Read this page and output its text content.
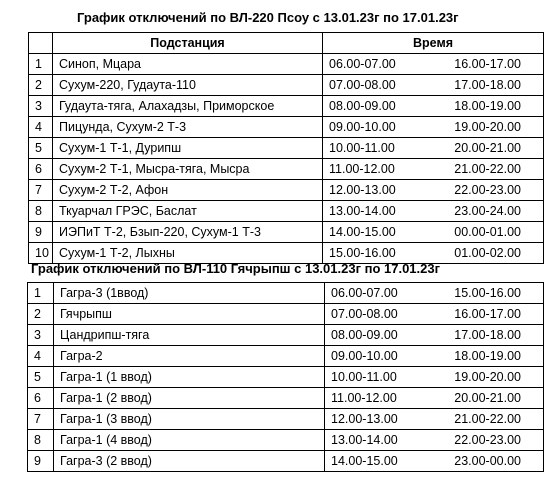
График отключений по ВЛ-220 Псоу с 13.01.23г по 17.01.23г
	Подстанция	Время
1	Синоп, Мцара	06.00-07.00 16.00-17.00

2	Сухум-220, Гудаута-110	07.00-08.00 17.00-18.00

3	Гудаута-тяга, Алахадзы, Приморское	08.00-09.00 18.00-19.00

4	Пицунда, Сухум-2 Т-3	09.00-10.00 19.00-20.00

5	Сухум-1 Т-1, Дурипш	10.00-11.00 20.00-21.00

6	Сухум-2 Т-1, Мысра-тяга, Мысра	11.00-12.00 21.00-22.00

7	Сухум-2 Т-2, Афон	12.00-13.00 22.00-23.00

8	Ткуарчал ГРЭС, Баслат	13.00-14.00 23.00-24.00

9	ИЭПиТ Т-2, Бзып-220, Сухум-1 Т-3	14.00-15.00 00.00-01.00

10	Сухум-1 Т-2, Лыхны	15.00-16.00 01.00-02.00
График отключений по ВЛ-110 Гячрыпш с 13.01.23г по 17.01.23г
1	Гагра-3 (1ввод)	06.00-07.00 15.00-16.00

2	Гячрыпш	07.00-08.00 16.00-17.00

3	Цандрипш-тяга	08.00-09.00 17.00-18.00

4	Гагра-2	09.00-10.00 18.00-19.00

5	Гагра-1 (1 ввод)	10.00-11.00 19.00-20.00

6	Гагра-1 (2 ввод)	11.00-12.00 20.00-21.00

7	Гагра-1 (3 ввод)	12.00-13.00 21.00-22.00

8	Гагра-1 (4 ввод)	13.00-14.00 22.00-23.00

9	Гагра-3 (2 ввод)	14.00-15.00 23.00-00.00
